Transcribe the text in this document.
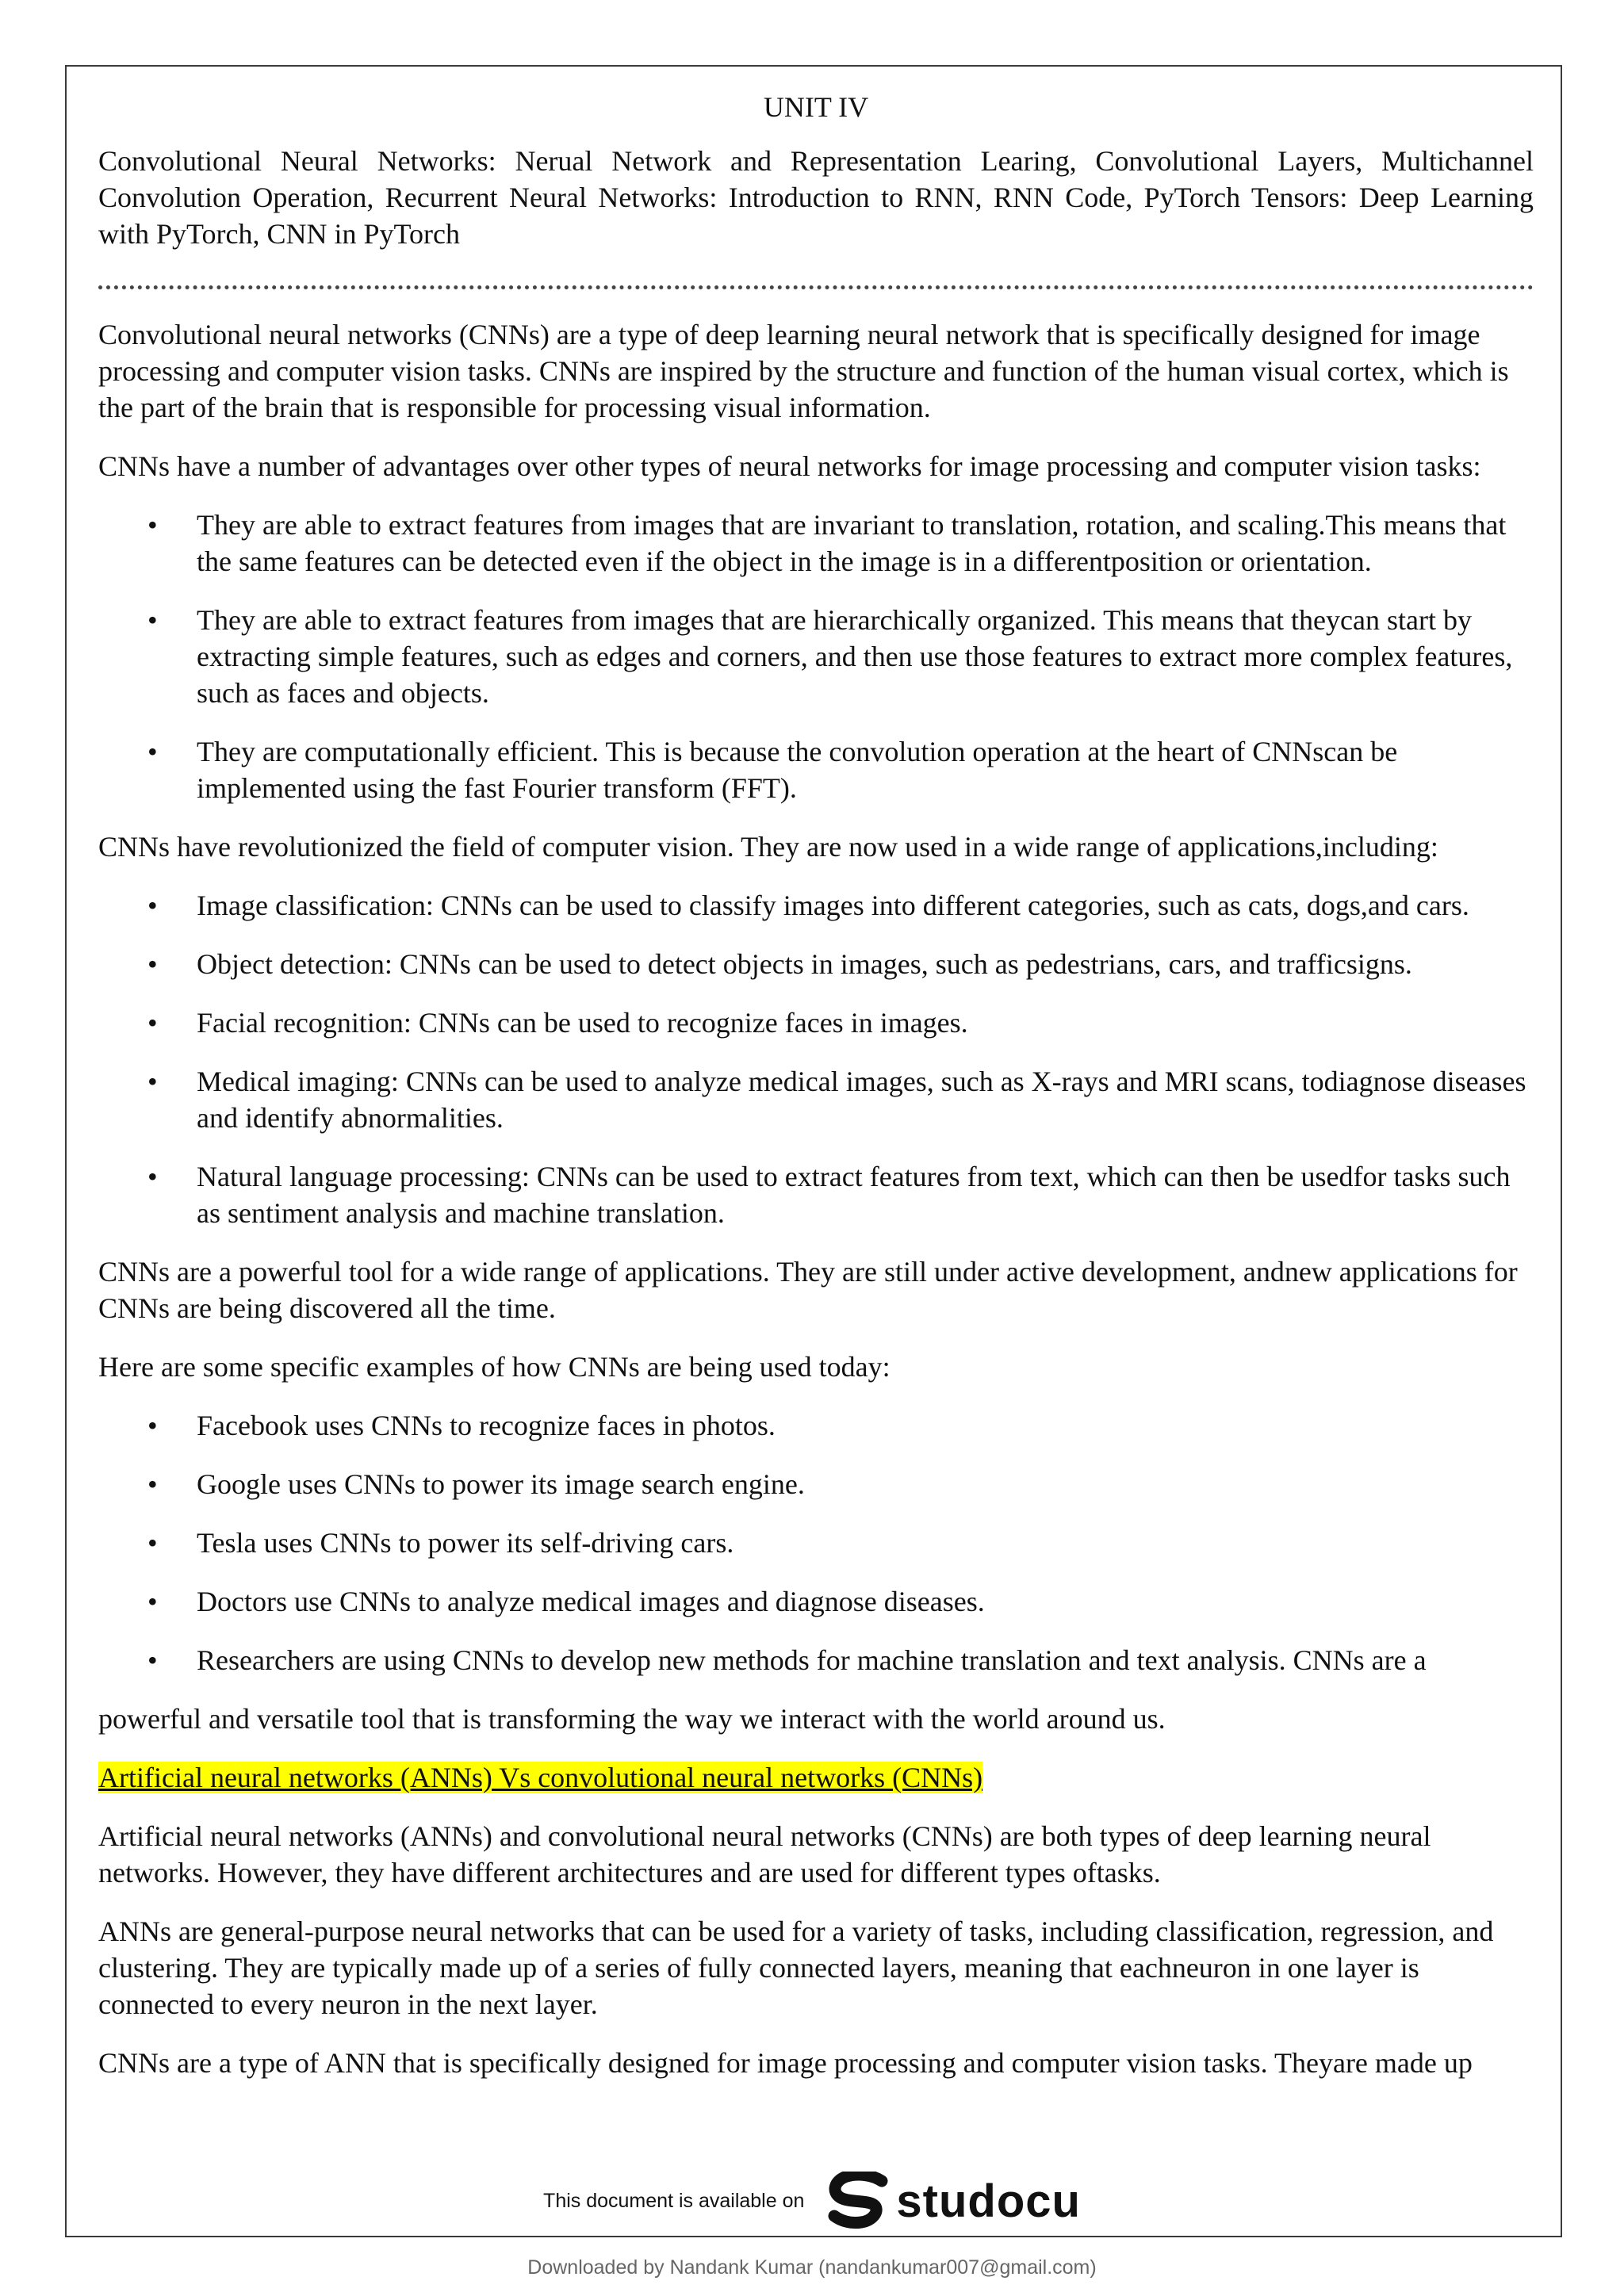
UNIT IV

Convolutional Neural Networks: Nerual Network and Representation Learing, Convolutional Layers, Multichannel Convolution Operation, Recurrent Neural Networks: Introduction to RNN, RNN Code, PyTorch Tensors: Deep Learning with PyTorch, CNN in PyTorch

Convolutional neural networks (CNNs) are a type of deep learning neural network that is specifically designed for image processing and computer vision tasks. CNNs are inspired by the structure and function of the human visual cortex, which is the part of the brain that is responsible for processing visual information.

CNNs have a number of advantages over other types of neural networks for image processing and computer vision tasks:

• They are able to extract features from images that are invariant to translation, rotation, and scaling.This means that the same features can be detected even if the object in the image is in a differentposition or orientation.
• They are able to extract features from images that are hierarchically organized. This means that theycan start by extracting simple features, such as edges and corners, and then use those features to extract more complex features, such as faces and objects.
• They are computationally efficient. This is because the convolution operation at the heart of CNNscan be implemented using the fast Fourier transform (FFT).

CNNs have revolutionized the field of computer vision. They are now used in a wide range of applications,including:

• Image classification: CNNs can be used to classify images into different categories, such as cats, dogs,and cars.
• Object detection: CNNs can be used to detect objects in images, such as pedestrians, cars, and trafficsigns.
• Facial recognition: CNNs can be used to recognize faces in images.
• Medical imaging: CNNs can be used to analyze medical images, such as X-rays and MRI scans, todiagnose diseases and identify abnormalities.
• Natural language processing: CNNs can be used to extract features from text, which can then be usedfor tasks such as sentiment analysis and machine translation.

CNNs are a powerful tool for a wide range of applications. They are still under active development, andnew applications for CNNs are being discovered all the time.

Here are some specific examples of how CNNs are being used today:

• Facebook uses CNNs to recognize faces in photos.
• Google uses CNNs to power its image search engine.
• Tesla uses CNNs to power its self-driving cars.
• Doctors use CNNs to analyze medical images and diagnose diseases.
• Researchers are using CNNs to develop new methods for machine translation and text analysis. CNNs are a

powerful and versatile tool that is transforming the way we interact with the world around us.

Artificial neural networks (ANNs) Vs convolutional neural networks (CNNs)

Artificial neural networks (ANNs) and convolutional neural networks (CNNs) are both types of deep learning neural networks. However, they have different architectures and are used for different types oftasks.

ANNs are general-purpose neural networks that can be used for a variety of tasks, including classification, regression, and clustering. They are typically made up of a series of fully connected layers, meaning that eachneuron in one layer is connected to every neuron in the next layer.

CNNs are a type of ANN that is specifically designed for image processing and computer vision tasks. Theyare made up

This document is available on studocu
Downloaded by Nandank Kumar (nandankumar007@gmail.com)
